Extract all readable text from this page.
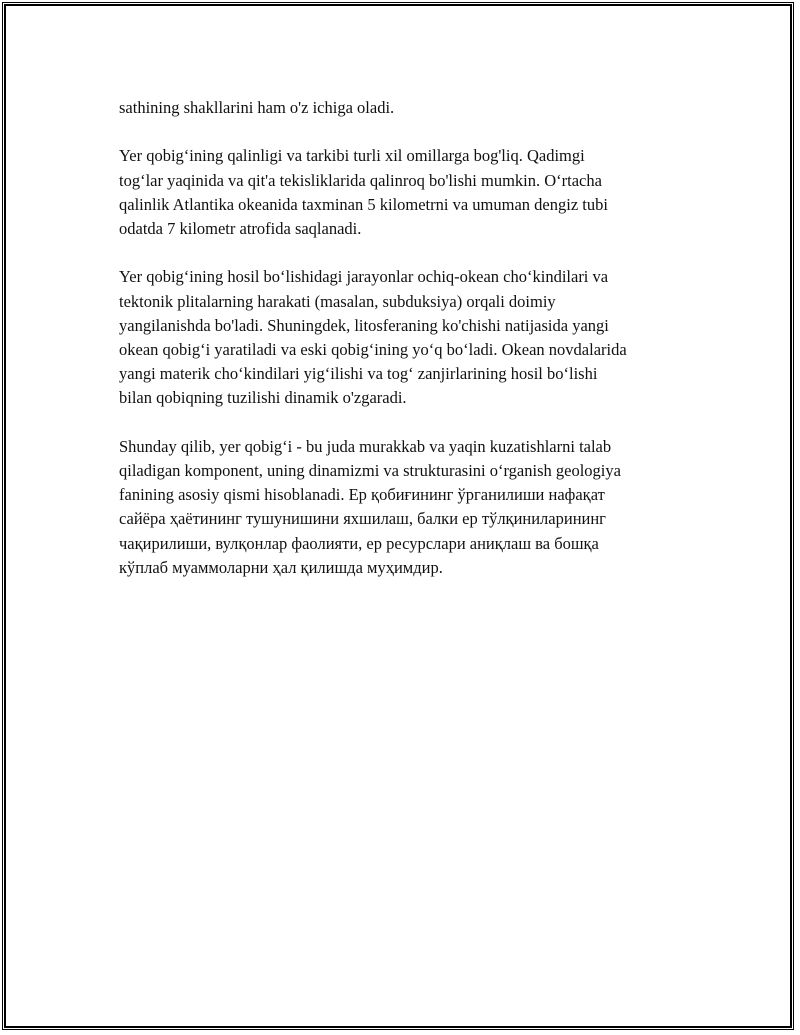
sathining shakllarini ham o'z ichiga oladi.

Yer qobig‘ining qalinligi va tarkibi turli xil omillarga bog'liq. Qadimgi
tog‘lar yaqinida va qit'a tekisliklarida qalinroq bo'lishi mumkin. O‘rtacha
qalinlik Atlantika okeanida taxminan 5 kilometrni va umuman dengiz tubi
odatda 7 kilometr atrofida saqlanadi.

Yer qobig‘ining hosil bo‘lishidagi jarayonlar ochiq-okean cho‘kindilari va
tektonik plitalarning harakati (masalan, subduksiya) orqali doimiy
yangilanishda bo'ladi. Shuningdek, litosferaning ko'chishi natijasida yangi
okean qobig‘i yaratiladi va eski qobig‘ining yo‘q bo‘ladi. Okean novdalarida
yangi materik cho‘kindilari yig‘ilishi va tog‘ zanjirlarining hosil bo‘lishi
bilan qobiqning tuzilishi dinamik o'zgaradi.

Shunday qilib, yer qobig‘i - bu juda murakkab va yaqin kuzatishlarni talab
qiladigan komponent, uning dinamizmi va strukturasini o‘rganish geologiya
fanining asosiy qismi hisoblanadi. Ер қобиғининг ўрганилиши нафақат
сайёра ҳаётининг тушунишини яхшилаш, балки ер тўлқиниларининг
чақирилиши, вулқонлар фаолияти, ер ресурслари аниқлаш ва бошқа
кўплаб муаммоларни ҳал қилишда муҳимдир.
